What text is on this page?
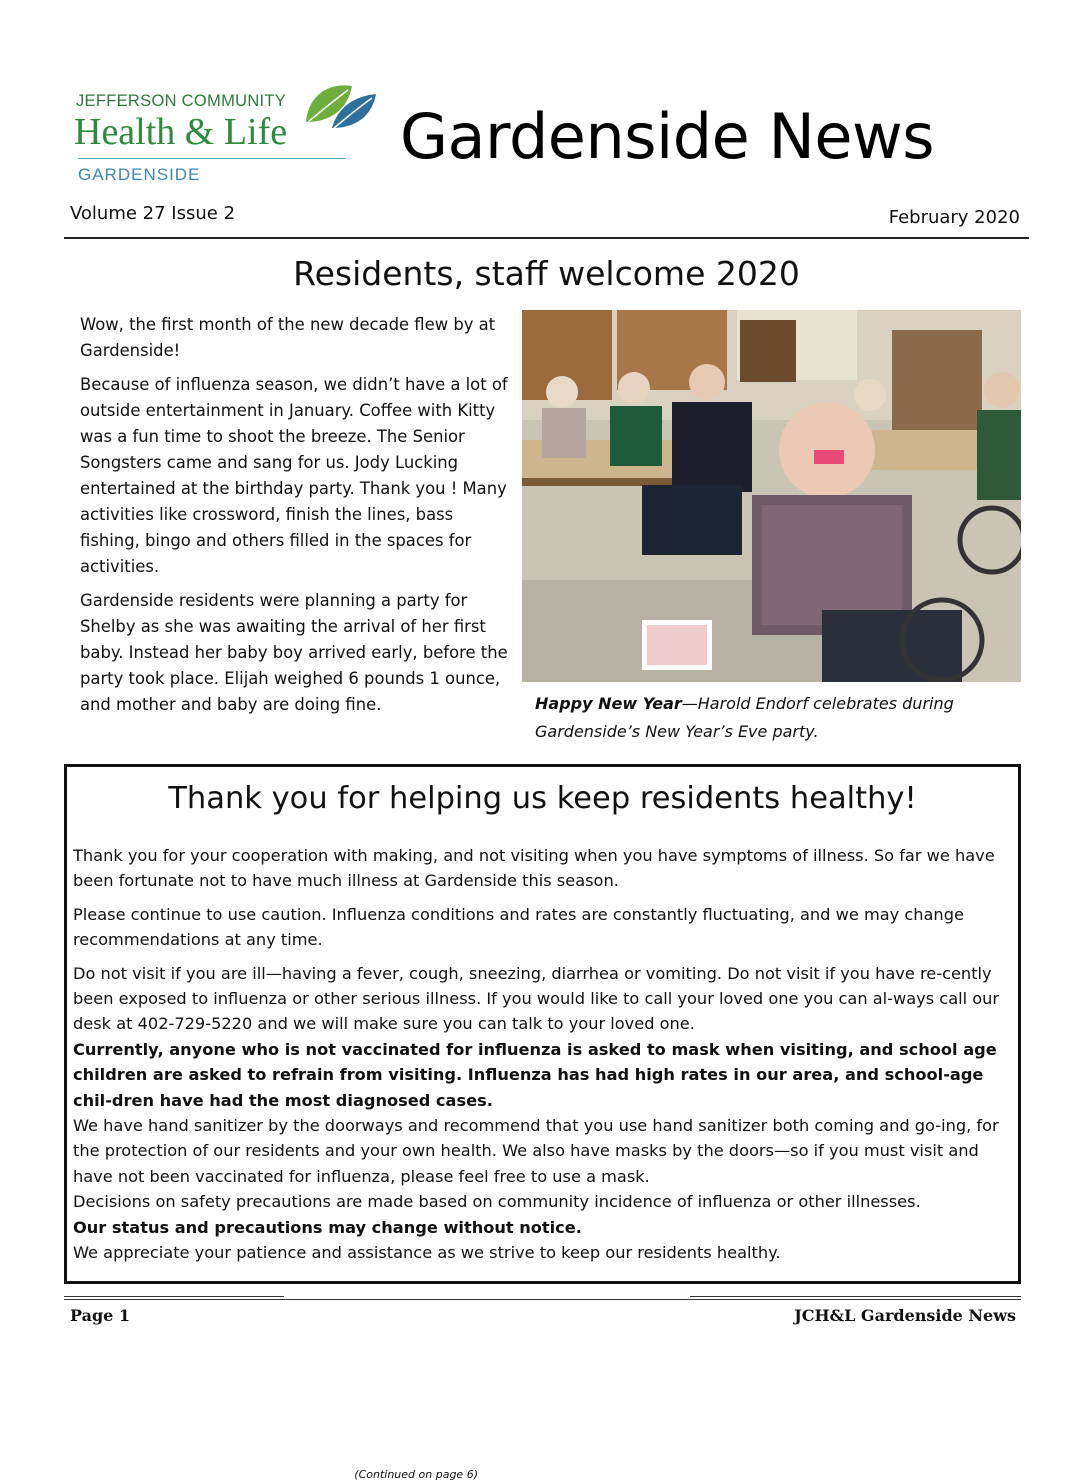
JEFFERSON COMMUNITY
Health & Life
GARDENSIDE
Gardenside News
Volume 27 Issue 2	February 2020
Residents, staff welcome 2020

Wow, the first month of the new decade flew by at Gardenside!

Because of influenza season, we didn’t have a lot of outside entertainment in January. Coffee with Kitty was a fun time to shoot the breeze. The Senior Songsters came and sang for us. Jody Lucking entertained at the birthday party. Thank you ! Many activities like crossword, finish the lines, bass fishing, bingo and others filled in the spaces for activities.

Gardenside residents were planning a party for Shelby as she was awaiting the arrival of her first baby. Instead her baby boy arrived early, before the party took place. Elijah weighed 6 pounds 1 ounce, and mother and baby are doing fine.

(Continued on page 6)
Happy New Year—Harold Endorf celebrates during Gardenside’s New Year’s Eve party.
Thank you for helping us keep residents healthy!

Thank you for your cooperation with making, and not visiting when you have symptoms of illness. So far we have been fortunate not to have much illness at Gardenside this season.

Please continue to use caution. Influenza conditions and rates are constantly fluctuating, and we may change recommendations at any time.

Do not visit if you are ill—having a fever, cough, sneezing, diarrhea or vomiting. Do not visit if you have re-cently been exposed to influenza or other serious illness. If you would like to call your loved one you can al-ways call our desk at 402-729-5220 and we will make sure you can talk to your loved one.

Currently, anyone who is not vaccinated for influenza is asked to mask when visiting, and school age children are asked to refrain from visiting. Influenza has had high rates in our area, and school-age chil-dren have had the most diagnosed cases.

We have hand sanitizer by the doorways and recommend that you use hand sanitizer both coming and go-ing, for the protection of our residents and your own health. We also have masks by the doors—so if you must visit and have not been vaccinated for influenza, please feel free to use a mask.

Decisions on safety precautions are made based on community incidence of influenza or other illnesses.

Our status and precautions may change without notice.

We appreciate your patience and assistance as we strive to keep our residents healthy.

Page 1	JCH&L Gardenside News
